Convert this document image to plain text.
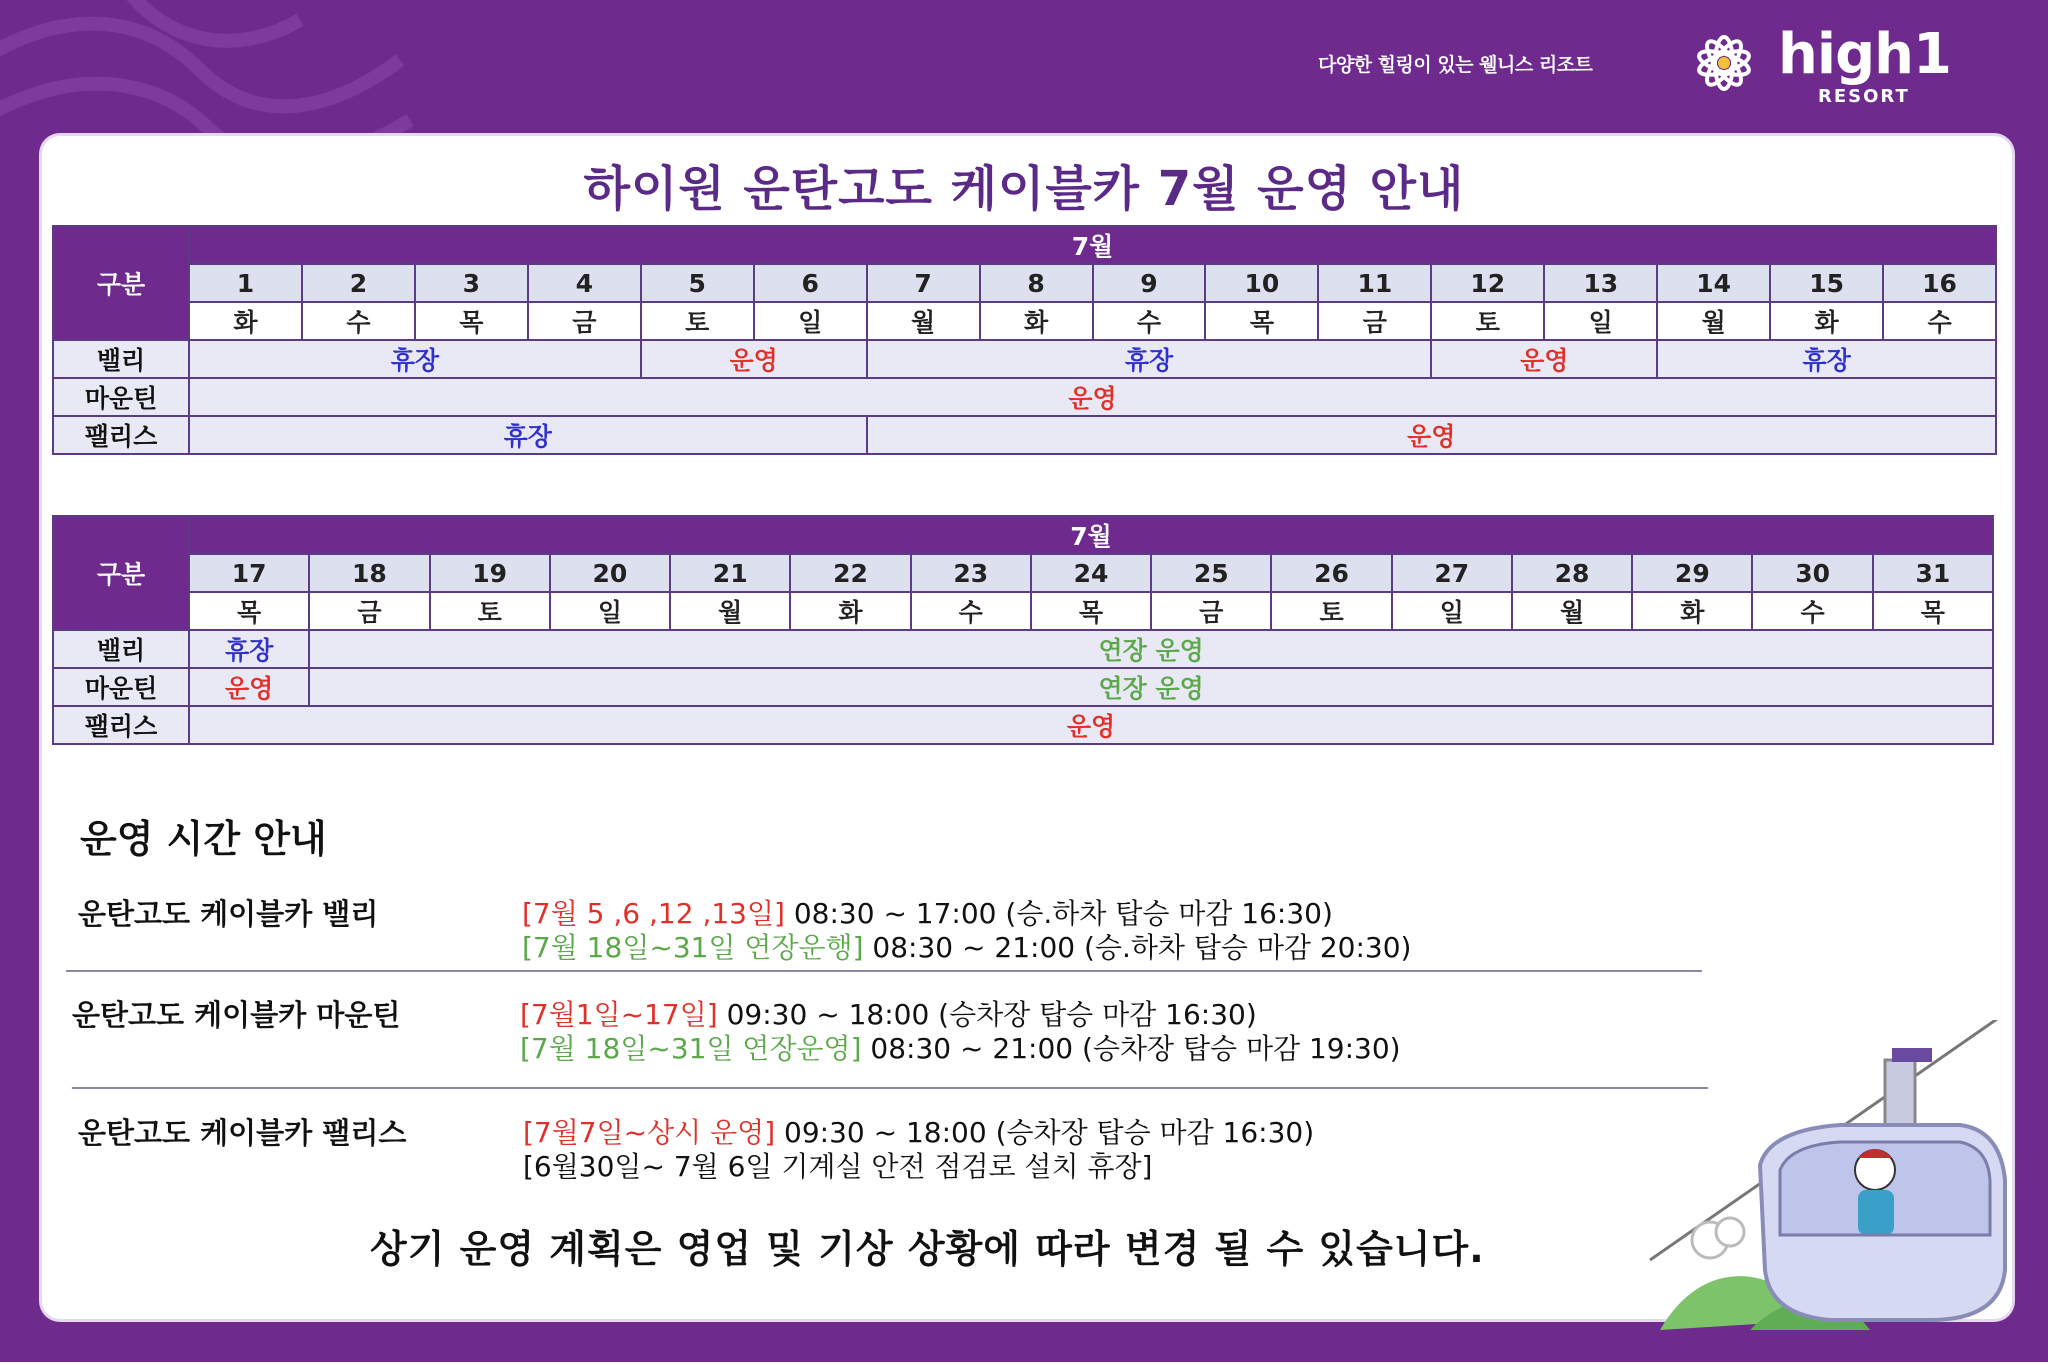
다양한 힐링이 있는 웰니스 리조트	high1
RESORT
하이원 운탄고도 케이블카 7월 운영 안내
구분	7월															
	1	2	3	4	5	6	7	8	9	10	11	12	13	14	15	16
	화	수	목	금	토	일	월	화	수	목	금	토	일	월	화	수
밸리	휴장				운영		휴장					운영		휴장		
마운틴	운영															
팰리스	휴장						운영									
구분	7월														
	17	18	19	20	21	22	23	24	25	26	27	28	29	30	31
	목	금	토	일	월	화	수	목	금	토	일	월	화	수	목
밸리	휴장	연장 운영													
마운틴	운영	연장 운영													
팰리스	운영														
운영 시간 안내
운탄고도 케이블카 밸리	[7월 5 ,6 ,12 ,13일] 08:30 ~ 17:00 (승.하차 탑승 마감 16:30)
[7월 18일~31일 연장운행] 08:30 ~ 21:00 (승.하차 탑승 마감 20:30)
운탄고도 케이블카 마운틴	[7월1일~17일] 09:30 ~ 18:00 (승차장 탑승 마감 16:30)
[7월 18일~31일 연장운영] 08:30 ~ 21:00 (승차장 탑승 마감 19:30)
운탄고도 케이블카 팰리스	[7월7일~상시 운영] 09:30 ~ 18:00 (승차장 탑승 마감 16:30)
[6월30일~ 7월 6일 기계실 안전 점검로 설치 휴장]
상기 운영 계획은 영업 및 기상 상황에 따라 변경 될 수 있습니다.
